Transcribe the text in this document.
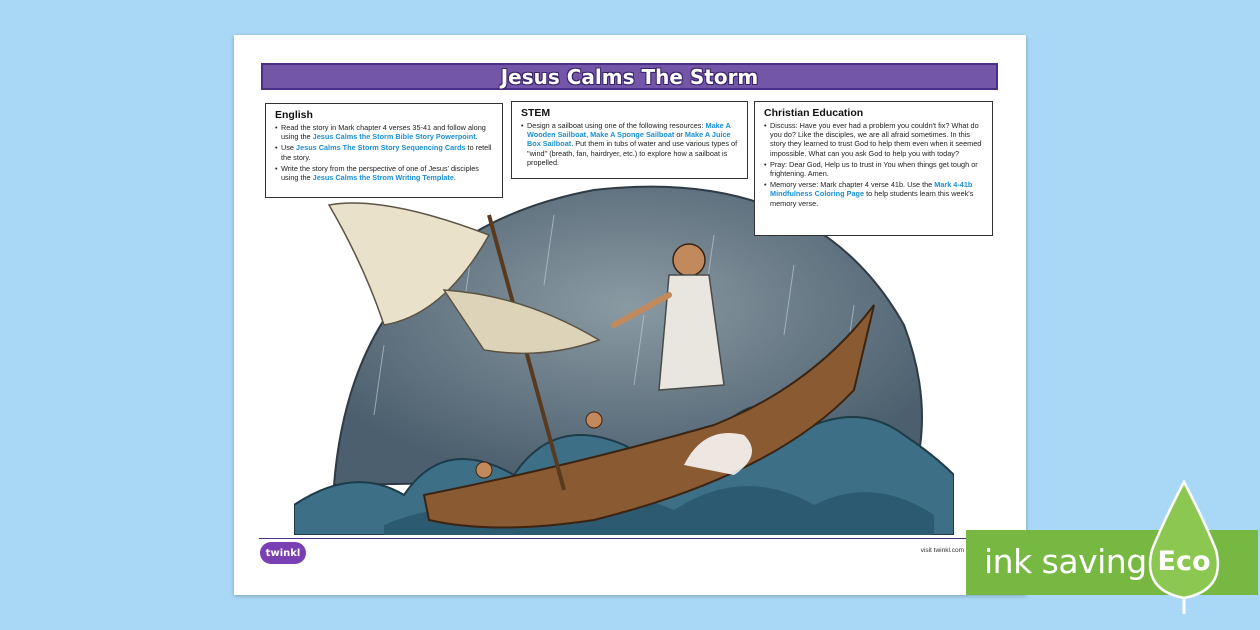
Jesus Calms The Storm
English
• Read the story in Mark chapter 4 verses 35-41 and follow along using the Jesus Calms the Storm Bible Story Powerpoint.
• Use Jesus Calms The Storm Story Sequencing Cards to retell the story.
• Write the story from the perspective of one of Jesus' disciples using the Jesus Calms the Strom Writing Template.
STEM
• Design a sailboat using one of the following resources: Make A Wooden Sailboat, Make A Sponge Sailboat or Make A Juice Box Sailboat. Put them in tubs of water and use various types of "wind" (breath, fan, hairdryer, etc.) to explore how a sailboat is propelled.
Christian Education
• Discuss: Have you ever had a problem you couldn't fix? What do you do? Like the disciples, we are all afraid sometimes. In this story they learned to trust God to help them even when it seemed impossible. What can you ask God to help you with today?
• Pray: Dear God, Help us to trust in You when things get tough or frightening. Amen.
• Memory verse: Mark chapter 4 verse 41b. Use the Mark 4-41b Mindfulness Coloring Page to help students learn this week's memory verse.
twinkl	visit twinkl.com ink saving Eco
